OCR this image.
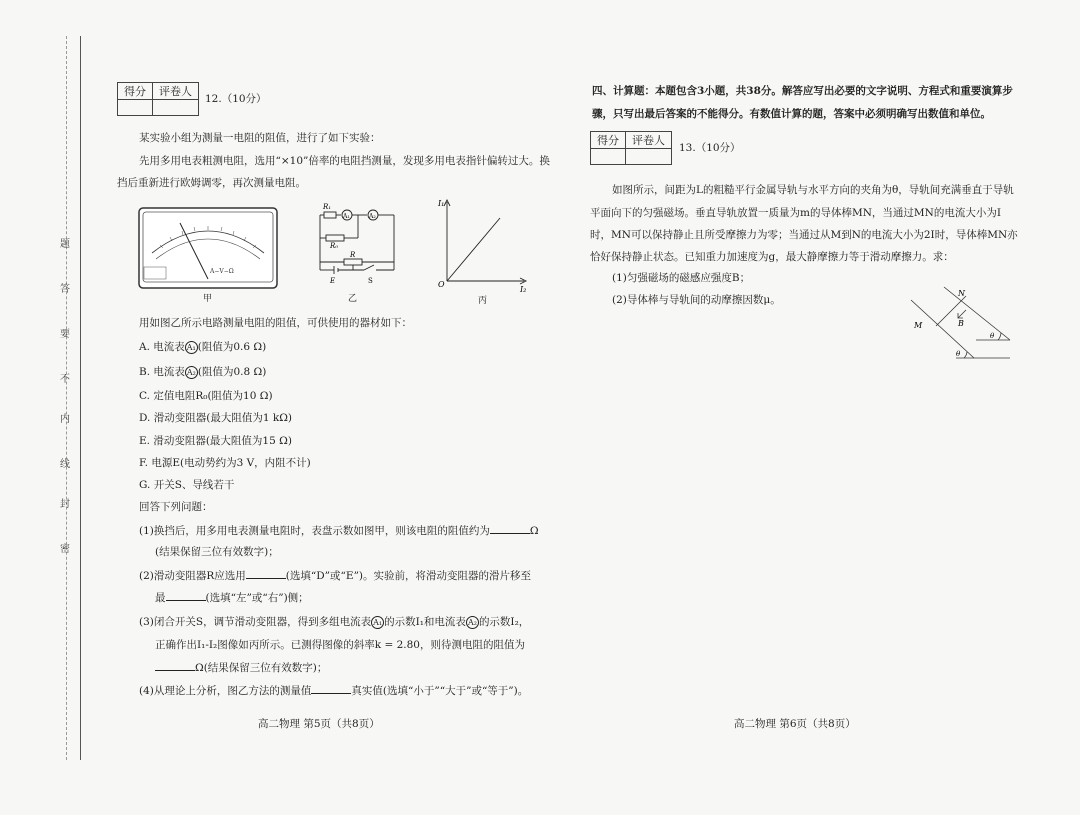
题
答
要
不
内
线
封
密
得分	评卷人

12.（10分）
某实验小组为测量一电阻的阻值，进行了如下实验：
先用多用电表粗测电阻，选用“×10”倍率的电阻挡测量，发现多用电表指针偏转过大。换
挡后重新进行欧姆调零，再次测量电阻。
A−V−Ω
甲
R₁
A₁	A₂
R₀
R
E	S
乙
I₁
I₂
O
丙
用如图乙所示电路测量电阻的阻值，可供使用的器材如下：
A. 电流表 A₁ (阻值为0.6 Ω)
B. 电流表 A₂ (阻值为0.8 Ω)
C. 定值电阻R₀(阻值为10 Ω)
D. 滑动变阻器(最大阻值为1 kΩ)
E. 滑动变阻器(最大阻值为15 Ω)
F. 电源E(电动势约为3 V，内阻不计)
G. 开关S、导线若干
回答下列问题：
(1)换挡后，用多用电表测量电阻时，表盘示数如图甲，则该电阻的阻值约为	Ω
(结果保留三位有效数字)；
(2)滑动变阻器R应选用	(选填“D”或“E”)。实验前，将滑动变阻器的滑片移至
最	(选填“左”或“右”)侧；
(3)闭合开关S，调节滑动变阻器，得到多组电流表 A₁ 的示数I₁和电流表 A₂ 的示数I₂，
正确作出I₁-I₂图像如丙所示。已测得图像的斜率k = 2.80，则待测电阻的阻值为
Ω(结果保留三位有效数字)；
(4)从理论上分析，图乙方法的测量值	真实值(选填“小于”“大于”或“等于”)。
高二物理 第5页（共8页）
四、计算题：本题包含3小题，共38分。解答应写出必要的文字说明、方程式和重要演算步
骤，只写出最后答案的不能得分。有数值计算的题，答案中必须明确写出数值和单位。
得分	评卷人

13.（10分）
如图所示，间距为L的粗糙平行金属导轨与水平方向的夹角为θ，导轨间充满垂直于导轨
平面向下的匀强磁场。垂直导轨放置一质量为m的导体棒MN，当通过MN的电流大小为I
时，MN可以保持静止且所受摩擦力为零；当通过从M到N的电流大小为2I时，导体棒MN亦
恰好保持静止状态。已知重力加速度为g，最大静摩擦力等于滑动摩擦力。求：
(1)匀强磁场的磁感应强度B；
(2)导体棒与导轨间的动摩擦因数μ。
M
N
B
θ
θ
高二物理 第6页（共8页）
